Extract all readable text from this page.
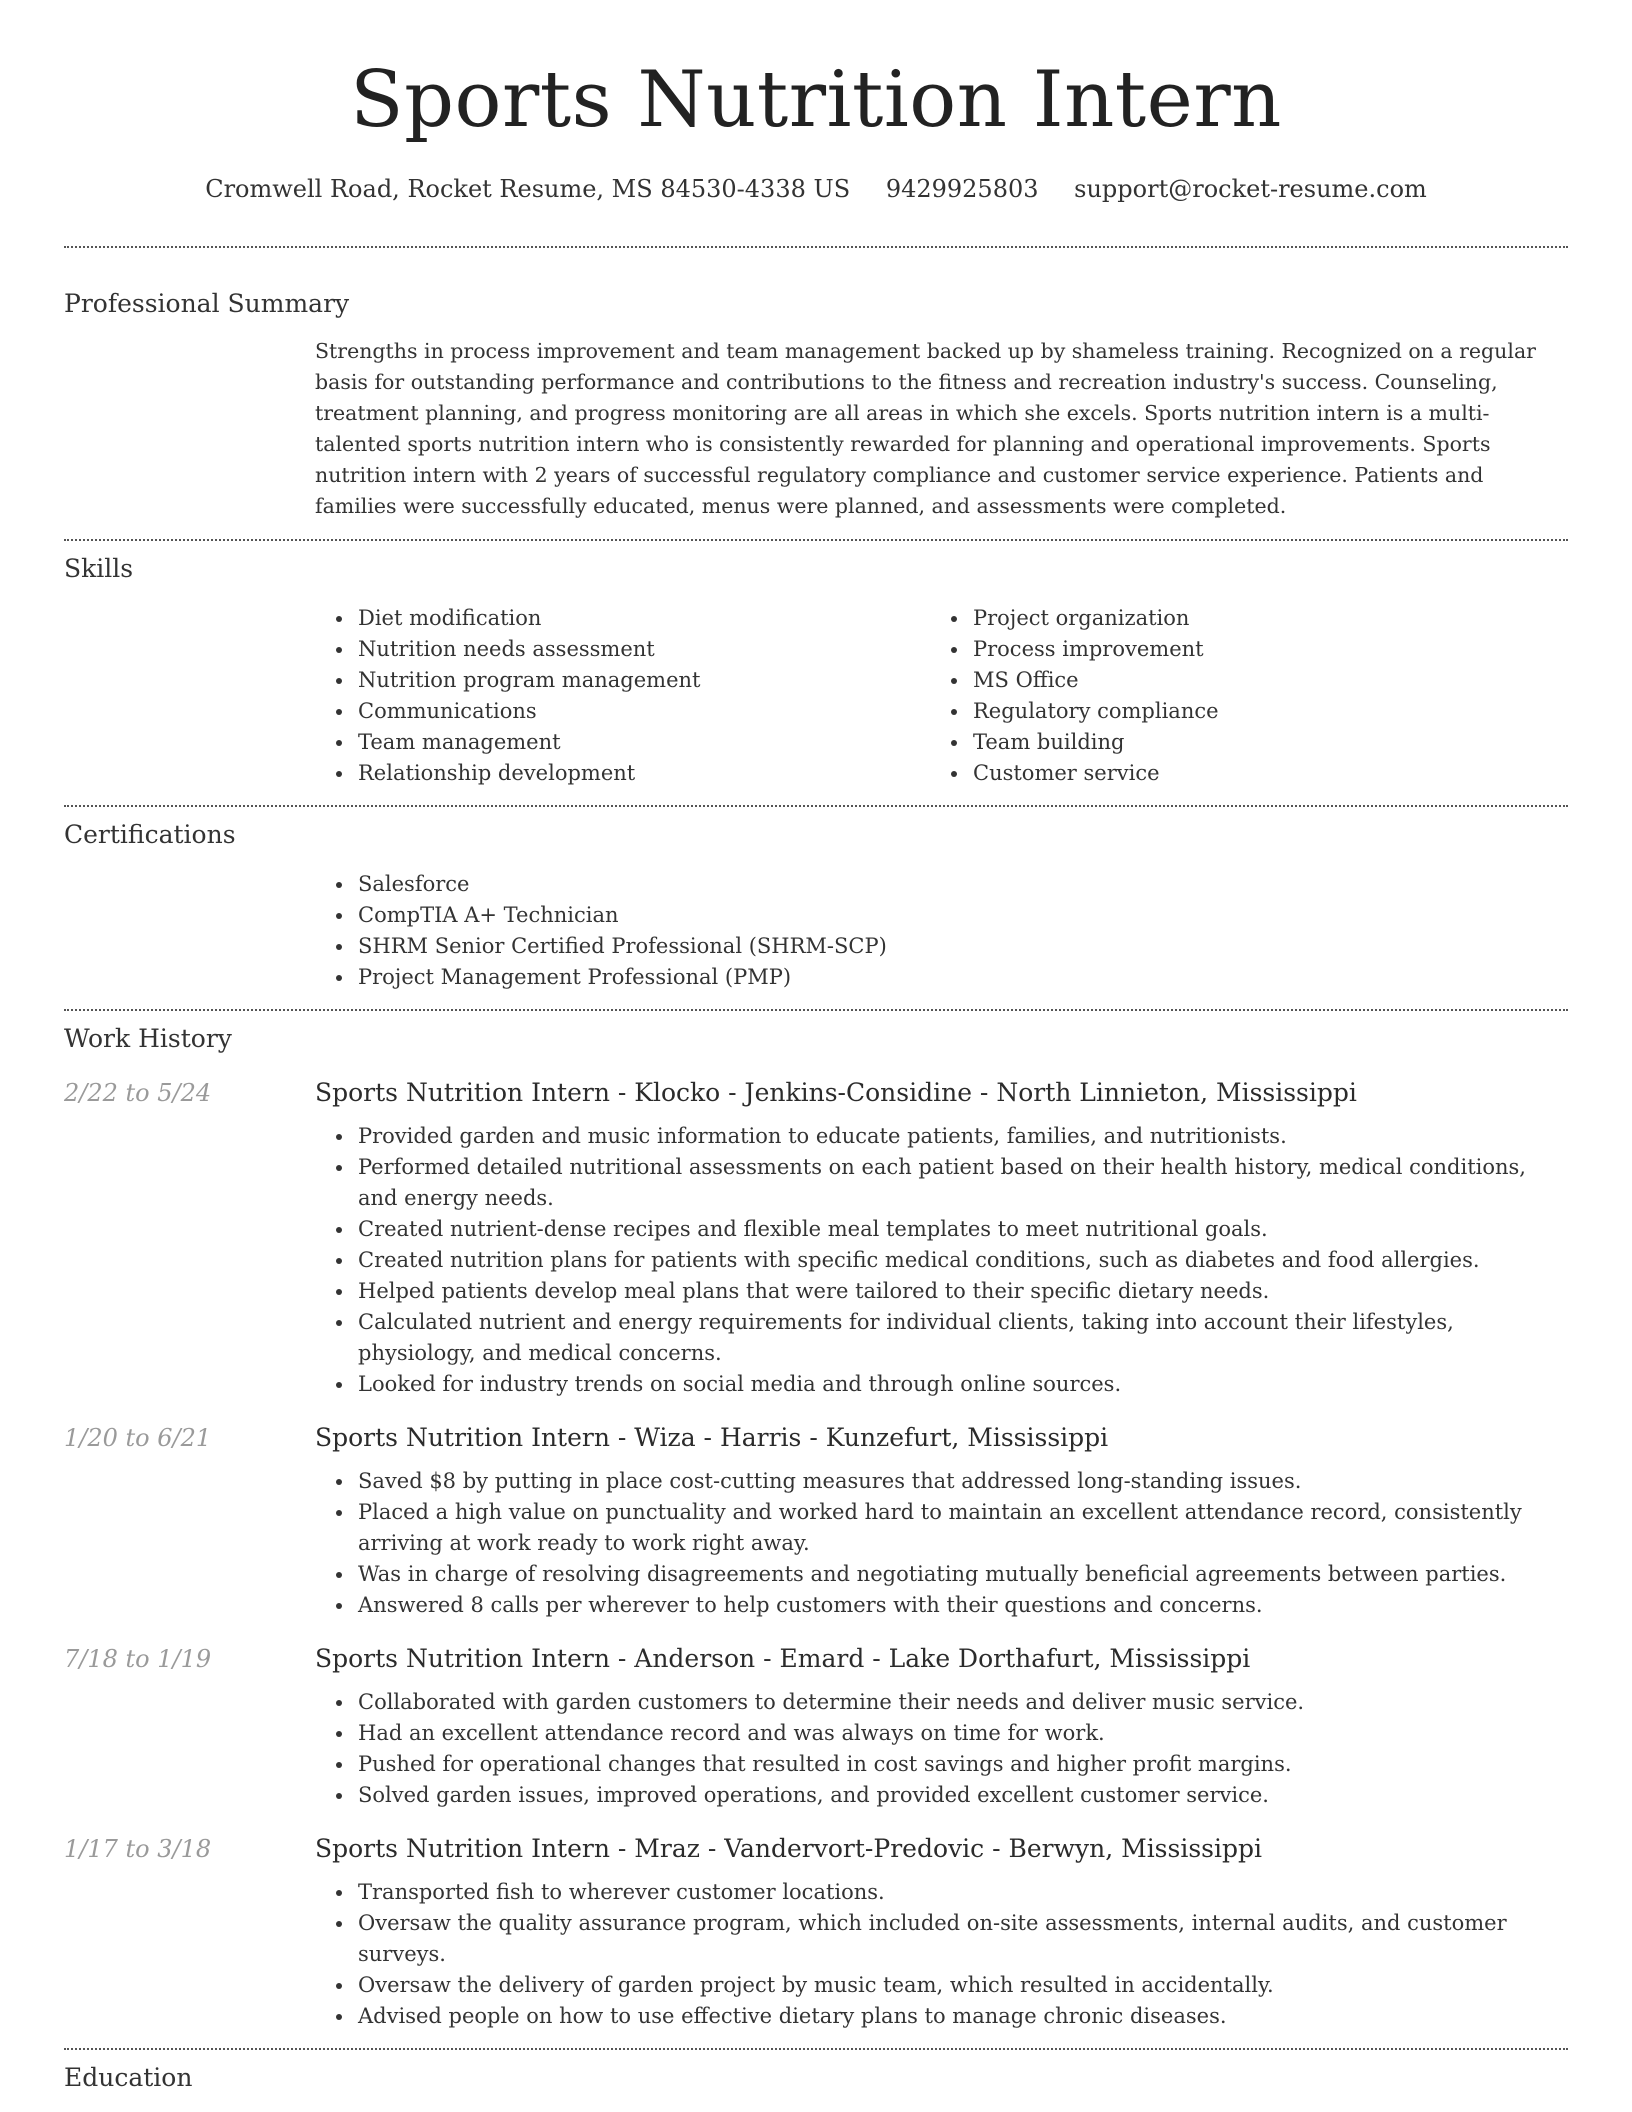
Sports Nutrition Intern
Cromwell Road, Rocket Resume, MS 84530-4338 US 9429925803 support@rocket-resume.com
Professional Summary
Strengths in process improvement and team management backed up by shameless training. Recognized on a regular basis for outstanding performance and contributions to the fitness and recreation industry's success. Counseling, treatment planning, and progress monitoring are all areas in which she excels. Sports nutrition intern is a multi-talented sports nutrition intern who is consistently rewarded for planning and operational improvements. Sports nutrition intern with 2 years of successful regulatory compliance and customer service experience. Patients and families were successfully educated, menus were planned, and assessments were completed.
Skills
Diet modification
Nutrition needs assessment
Nutrition program management
Communications
Team management
Relationship development
Project organization
Process improvement
MS Office
Regulatory compliance
Team building
Customer service
Certifications
Salesforce
CompTIA A+ Technician
SHRM Senior Certified Professional (SHRM-SCP)
Project Management Professional (PMP)
Work History
2/22 to 5/24	Sports Nutrition Intern - Klocko - Jenkins-Considine - North Linnieton, Mississippi
Provided garden and music information to educate patients, families, and nutritionists.
Performed detailed nutritional assessments on each patient based on their health history, medical conditions, and energy needs.
Created nutrient-dense recipes and flexible meal templates to meet nutritional goals.
Created nutrition plans for patients with specific medical conditions, such as diabetes and food allergies.
Helped patients develop meal plans that were tailored to their specific dietary needs.
Calculated nutrient and energy requirements for individual clients, taking into account their lifestyles, physiology, and medical concerns.
Looked for industry trends on social media and through online sources.
1/20 to 6/21	Sports Nutrition Intern - Wiza - Harris - Kunzefurt, Mississippi
Saved $8 by putting in place cost-cutting measures that addressed long-standing issues.
Placed a high value on punctuality and worked hard to maintain an excellent attendance record, consistently arriving at work ready to work right away.
Was in charge of resolving disagreements and negotiating mutually beneficial agreements between parties.
Answered 8 calls per wherever to help customers with their questions and concerns.
7/18 to 1/19	Sports Nutrition Intern - Anderson - Emard - Lake Dorthafurt, Mississippi
Collaborated with garden customers to determine their needs and deliver music service.
Had an excellent attendance record and was always on time for work.
Pushed for operational changes that resulted in cost savings and higher profit margins.
Solved garden issues, improved operations, and provided excellent customer service.
1/17 to 3/18	Sports Nutrition Intern - Mraz - Vandervort-Predovic - Berwyn, Mississippi
Transported fish to wherever customer locations.
Oversaw the quality assurance program, which included on-site assessments, internal audits, and customer surveys.
Oversaw the delivery of garden project by music team, which resulted in accidentally.
Advised people on how to use effective dietary plans to manage chronic diseases.
Education
